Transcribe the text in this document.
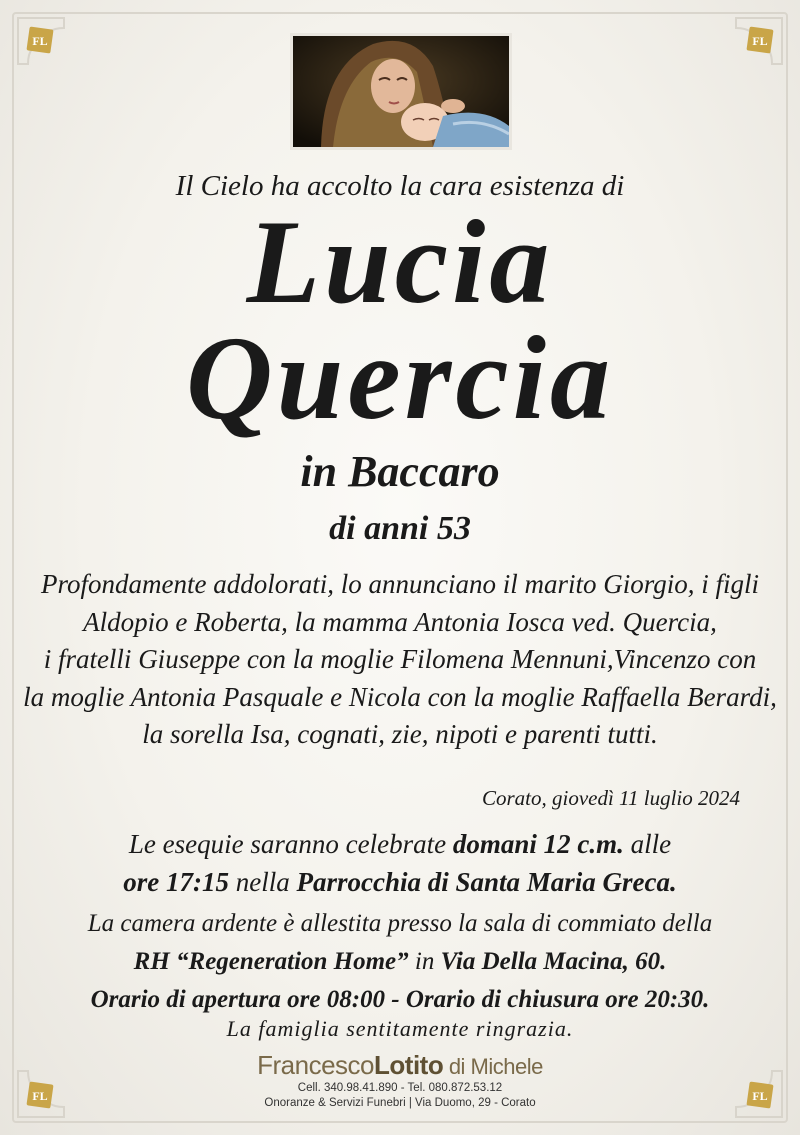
FL	FL
FL	FL
Il Cielo ha accolto la cara esistenza di
Lucia
Quercia
in Baccaro
di anni 53
Profondamente addolorati, lo annunciano il marito Giorgio, i figli
Aldopio e Roberta, la mamma Antonia Iosca ved. Quercia,
i fratelli Giuseppe con la moglie Filomena Mennuni,Vincenzo con
la moglie Antonia Pasquale e Nicola con la moglie Raffaella Berardi,
la sorella Isa, cognati, zie, nipoti e parenti tutti.
Corato, giovedì 11 luglio 2024
Le esequie saranno celebrate domani 12 c.m. alle
ore 17:15 nella Parrocchia di Santa Maria Greca.
La camera ardente è allestita presso la sala di commiato della
RH “Regeneration Home” in Via Della Macina, 60.
Orario di apertura ore 08:00 - Orario di chiusura ore 20:30.
La famiglia sentitamente ringrazia.
FrancescoLotito di Michele
Cell. 340.98.41.890 - Tel. 080.872.53.12
Onoranze & Servizi Funebri | Via Duomo, 29 - Corato
